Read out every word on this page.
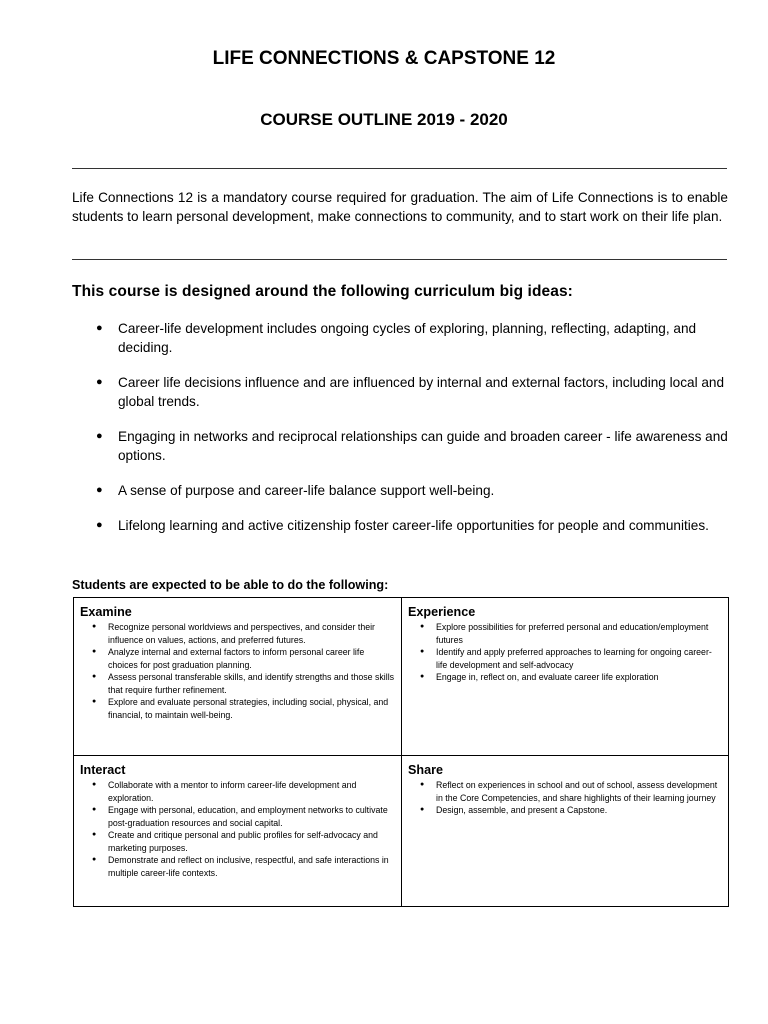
LIFE CONNECTIONS & CAPSTONE 12
COURSE OUTLINE 2019 - 2020

Life Connections 12 is a mandatory course required for graduation. The aim of Life Connections is to enable students to learn personal development, make connections to community, and to start work on their life plan.

This course is designed around the following curriculum big ideas:
● Career-life development includes ongoing cycles of exploring, planning, reflecting, adapting, and deciding.
● Career life decisions influence and are influenced by internal and external factors, including local and global trends.
● Engaging in networks and reciprocal relationships can guide and broaden career - life awareness and options.
● A sense of purpose and career-life balance support well-being.
● Lifelong learning and active citizenship foster career-life opportunities for people and communities.
Students are expected to be able to do the following:
Examine
● Recognize personal worldviews and perspectives, and consider their influence on values, actions, and preferred futures.
● Analyze internal and external factors to inform personal career life choices for post graduation planning.
● Assess personal transferable skills, and identify strengths and those skills that require further refinement.
● Explore and evaluate personal strategies, including social, physical, and financial, to maintain well-being.
Experience
● Explore possibilities for preferred personal and education/employment futures
● Identify and apply preferred approaches to learning for ongoing career-life development and self-advocacy
● Engage in, reflect on, and evaluate career life exploration
Interact
● Collaborate with a mentor to inform career-life development and exploration.
● Engage with personal, education, and employment networks to cultivate post-graduation resources and social capital.
● Create and critique personal and public profiles for self-advocacy and marketing purposes.
● Demonstrate and reflect on inclusive, respectful, and safe interactions in multiple career-life contexts.
Share
● Reflect on experiences in school and out of school, assess development in the Core Competencies, and share highlights of their learning journey
● Design, assemble, and present a Capstone.
